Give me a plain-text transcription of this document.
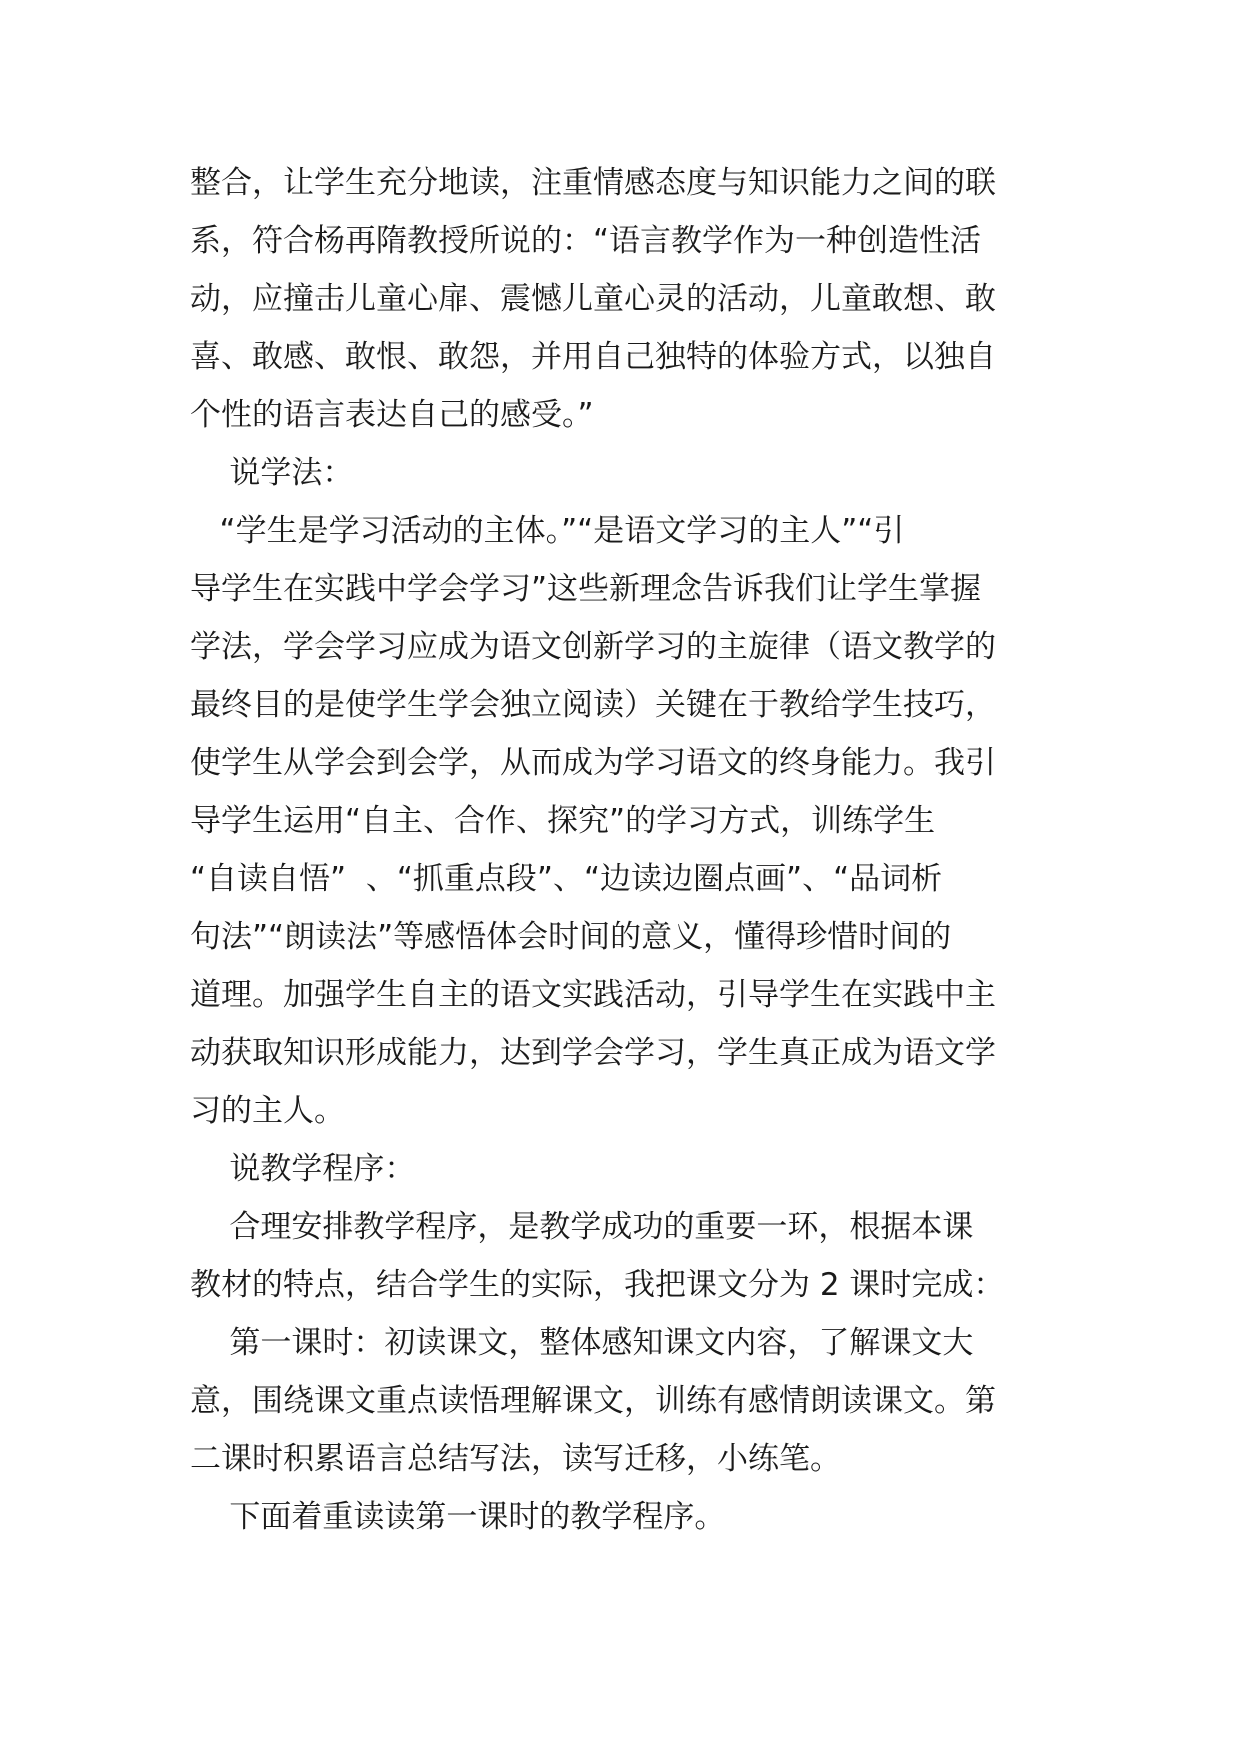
整合，让学生充分地读，注重情感态度与知识能力之间的联
系，符合杨再隋教授所说的：“语言教学作为一种创造性活
动，应撞击儿童心扉、震憾儿童心灵的活动，儿童敢想、敢
喜、敢感、敢恨、敢怨，并用自己独特的体验方式，以独自
个性的语言表达自己的感受。”
说学法：
“学生是学习活动的主体。”“是语文学习的主人”“引
导学生在实践中学会学习”这些新理念告诉我们让学生掌握
学法，学会学习应成为语文创新学习的主旋律（语文教学的
最终目的是使学生学会独立阅读）关键在于教给学生技巧，
使学生从学会到会学，从而成为学习语文的终身能力。我引
导学生运用“自主、合作、探究”的学习方式，训练学生
“自读自悟”  、“抓重点段”、“边读边圈点画”、“品词析
句法”“朗读法”等感悟体会时间的意义，懂得珍惜时间的
道理。加强学生自主的语文实践活动，引导学生在实践中主
动获取知识形成能力，达到学会学习，学生真正成为语文学
习的主人。
说教学程序：
合理安排教学程序，是教学成功的重要一环，根据本课
教材的特点，结合学生的实际，我把课文分为 2 课时完成：
第一课时：初读课文，整体感知课文内容，了解课文大
意，围绕课文重点读悟理解课文，训练有感情朗读课文。第
二课时积累语言总结写法，读写迁移，小练笔。
下面着重读读第一课时的教学程序。
